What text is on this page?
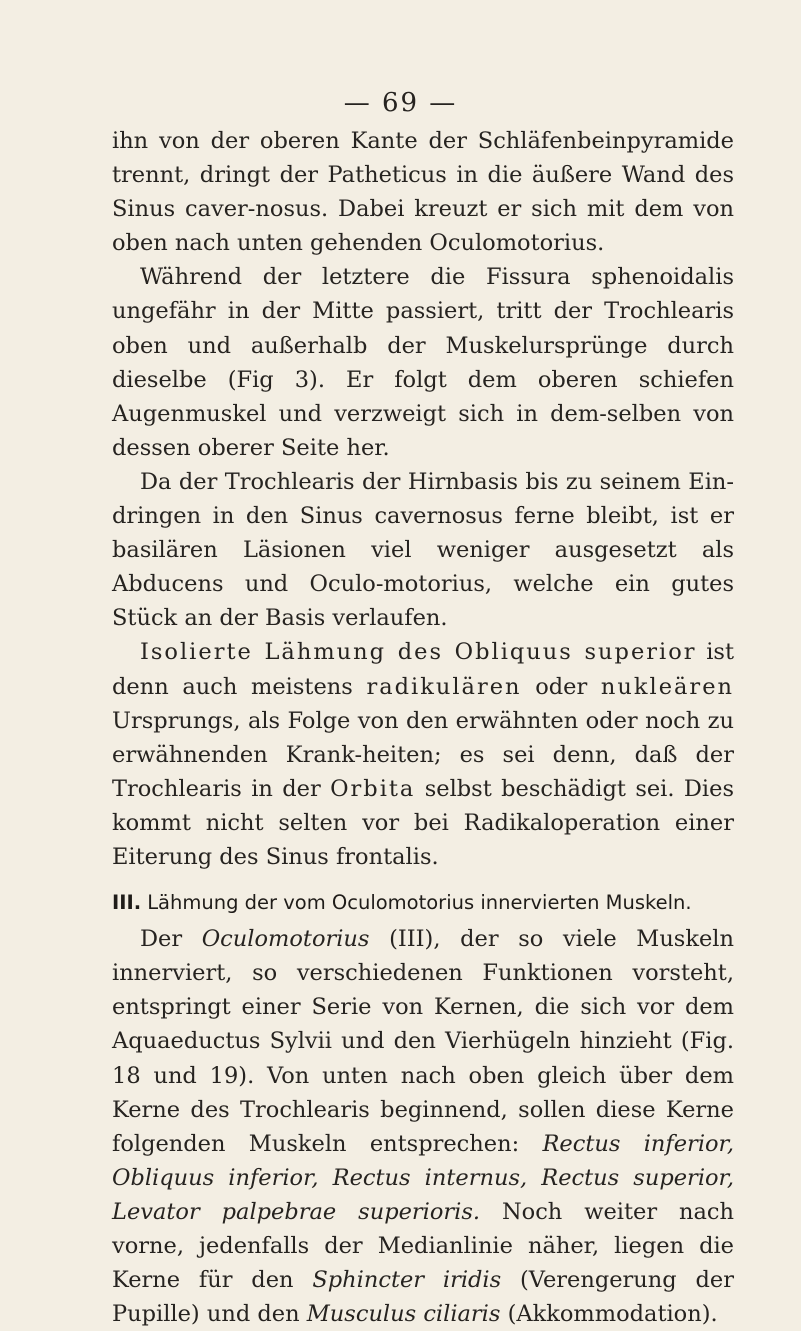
— 69 —

ihn von der oberen Kante der Schläfenbeinpyramide trennt, dringt der Patheticus in die äußere Wand des Sinus caver-nosus. Dabei kreuzt er sich mit dem von oben nach unten gehenden Oculomotorius.

Während der letztere die Fissura sphenoidalis ungefähr in der Mitte passiert, tritt der Trochlearis oben und außerhalb der Muskelursprünge durch dieselbe (Fig 3). Er folgt dem oberen schiefen Augenmuskel und verzweigt sich in dem-selben von dessen oberer Seite her.

Da der Trochlearis der Hirnbasis bis zu seinem Ein-dringen in den Sinus cavernosus ferne bleibt, ist er basilären Läsionen viel weniger ausgesetzt als Abducens und Oculo-motorius, welche ein gutes Stück an der Basis verlaufen.

Isolierte Lähmung des Obliquus superior ist denn auch meistens radikulären oder nukleären Ursprungs, als Folge von den erwähnten oder noch zu erwähnenden Krank-heiten; es sei denn, daß der Trochlearis in der Orbita selbst beschädigt sei. Dies kommt nicht selten vor bei Radikaloperation einer Eiterung des Sinus frontalis.

III. Lähmung der vom Oculomotorius innervierten Muskeln.

Der Oculomotorius (III), der so viele Muskeln innerviert, so verschiedenen Funktionen vorsteht, entspringt einer Serie von Kernen, die sich vor dem Aquaeductus Sylvii und den Vierhügeln hinzieht (Fig. 18 und 19). Von unten nach oben gleich über dem Kerne des Trochlearis beginnend, sollen diese Kerne folgenden Muskeln entsprechen: Rectus inferior, Obliquus inferior, Rectus internus, Rectus superior, Levator palpebrae superioris. Noch weiter nach vorne, jedenfalls der Medianlinie näher, liegen die Kerne für den Sphincter iridis (Verengerung der Pupille) und den Musculus ciliaris (Akkommodation).
